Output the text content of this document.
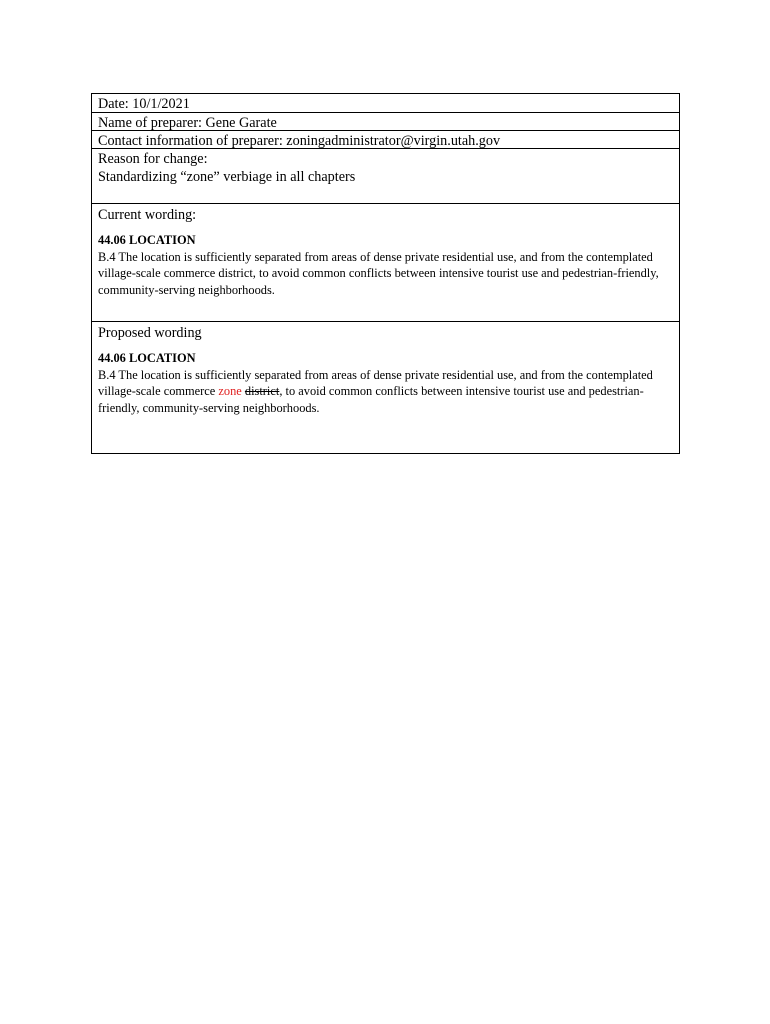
Date: 10/1/2021
Name of preparer: Gene Garate
Contact information of preparer: zoningadministrator@virgin.utah.gov
Reason for change:
Standardizing “zone” verbiage in all chapters
Current wording:
44.06 LOCATION
B.4 The location is sufficiently separated from areas of dense private residential use, and from the contemplated village-scale commerce district, to avoid common conflicts between intensive tourist use and pedestrian-friendly, community-serving neighborhoods.
Proposed wording
44.06 LOCATION
B.4 The location is sufficiently separated from areas of dense private residential use, and from the contemplated village-scale commerce zone district, to avoid common conflicts between intensive tourist use and pedestrian-friendly, community-serving neighborhoods.
